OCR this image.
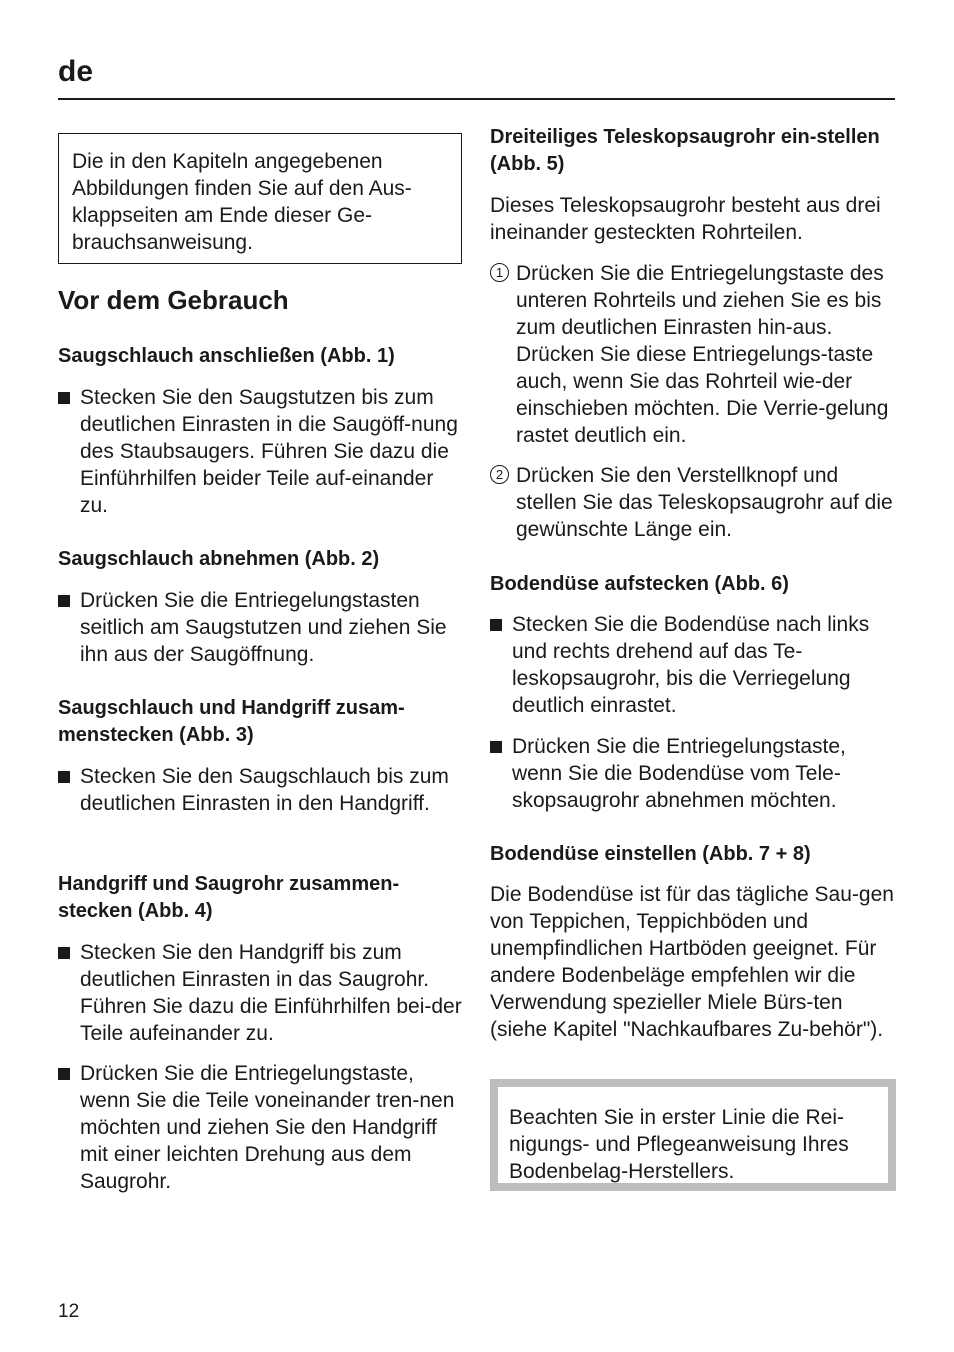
de

Die in den Kapiteln angegebenen Abbildungen finden Sie auf den Aus-klappseiten am Ende dieser Ge-brauchsanweisung.

Vor dem Gebrauch
Saugschlauch anschließen (Abb. 1)

Stecken Sie den Saugstutzen bis zum deutlichen Einrasten in die Saugöff-nung des Staubsaugers. Führen Sie dazu die Einführhilfen beider Teile auf-einander zu.

Saugschlauch abnehmen (Abb. 2)

Drücken Sie die Entriegelungstasten seitlich am Saugstutzen und ziehen Sie ihn aus der Saugöffnung.

Saugschlauch und Handgriff zusam-menstecken (Abb. 3)

Stecken Sie den Saugschlauch bis zum deutlichen Einrasten in den Handgriff.

Handgriff und Saugrohr zusammen-stecken (Abb. 4)

Stecken Sie den Handgriff bis zum deutlichen Einrasten in das Saugrohr. Führen Sie dazu die Einführhilfen bei-der Teile aufeinander zu.

Drücken Sie die Entriegelungstaste, wenn Sie die Teile voneinander tren-nen möchten und ziehen Sie den Handgriff mit einer leichten Drehung aus dem Saugrohr.

Dreiteiliges Teleskopsaugrohr ein-stellen (Abb. 5)

Dieses Teleskopsaugrohr besteht aus drei ineinander gesteckten Rohrteilen.

1 Drücken Sie die Entriegelungstaste des unteren Rohrteils und ziehen Sie es bis zum deutlichen Einrasten hin-aus. Drücken Sie diese Entriegelungs-taste auch, wenn Sie das Rohrteil wie-der einschieben möchten. Die Verrie-gelung rastet deutlich ein.

2 Drücken Sie den Verstellknopf und stellen Sie das Teleskopsaugrohr auf die gewünschte Länge ein.

Bodendüse aufstecken (Abb. 6)

Stecken Sie die Bodendüse nach links und rechts drehend auf das Te-leskopsaugrohr, bis die Verriegelung deutlich einrastet.

Drücken Sie die Entriegelungstaste, wenn Sie die Bodendüse vom Tele-skopsaugrohr abnehmen möchten.

Bodendüse einstellen (Abb. 7 + 8)

Die Bodendüse ist für das tägliche Sau-gen von Teppichen, Teppichböden und unempfindlichen Hartböden geeignet. Für andere Bodenbeläge empfehlen wir die Verwendung spezieller Miele Bürs-ten (siehe Kapitel "Nachkaufbares Zu-behör").

Beachten Sie in erster Linie die Rei-nigungs- und Pflegeanweisung Ihres Bodenbelag-Herstellers.

12
